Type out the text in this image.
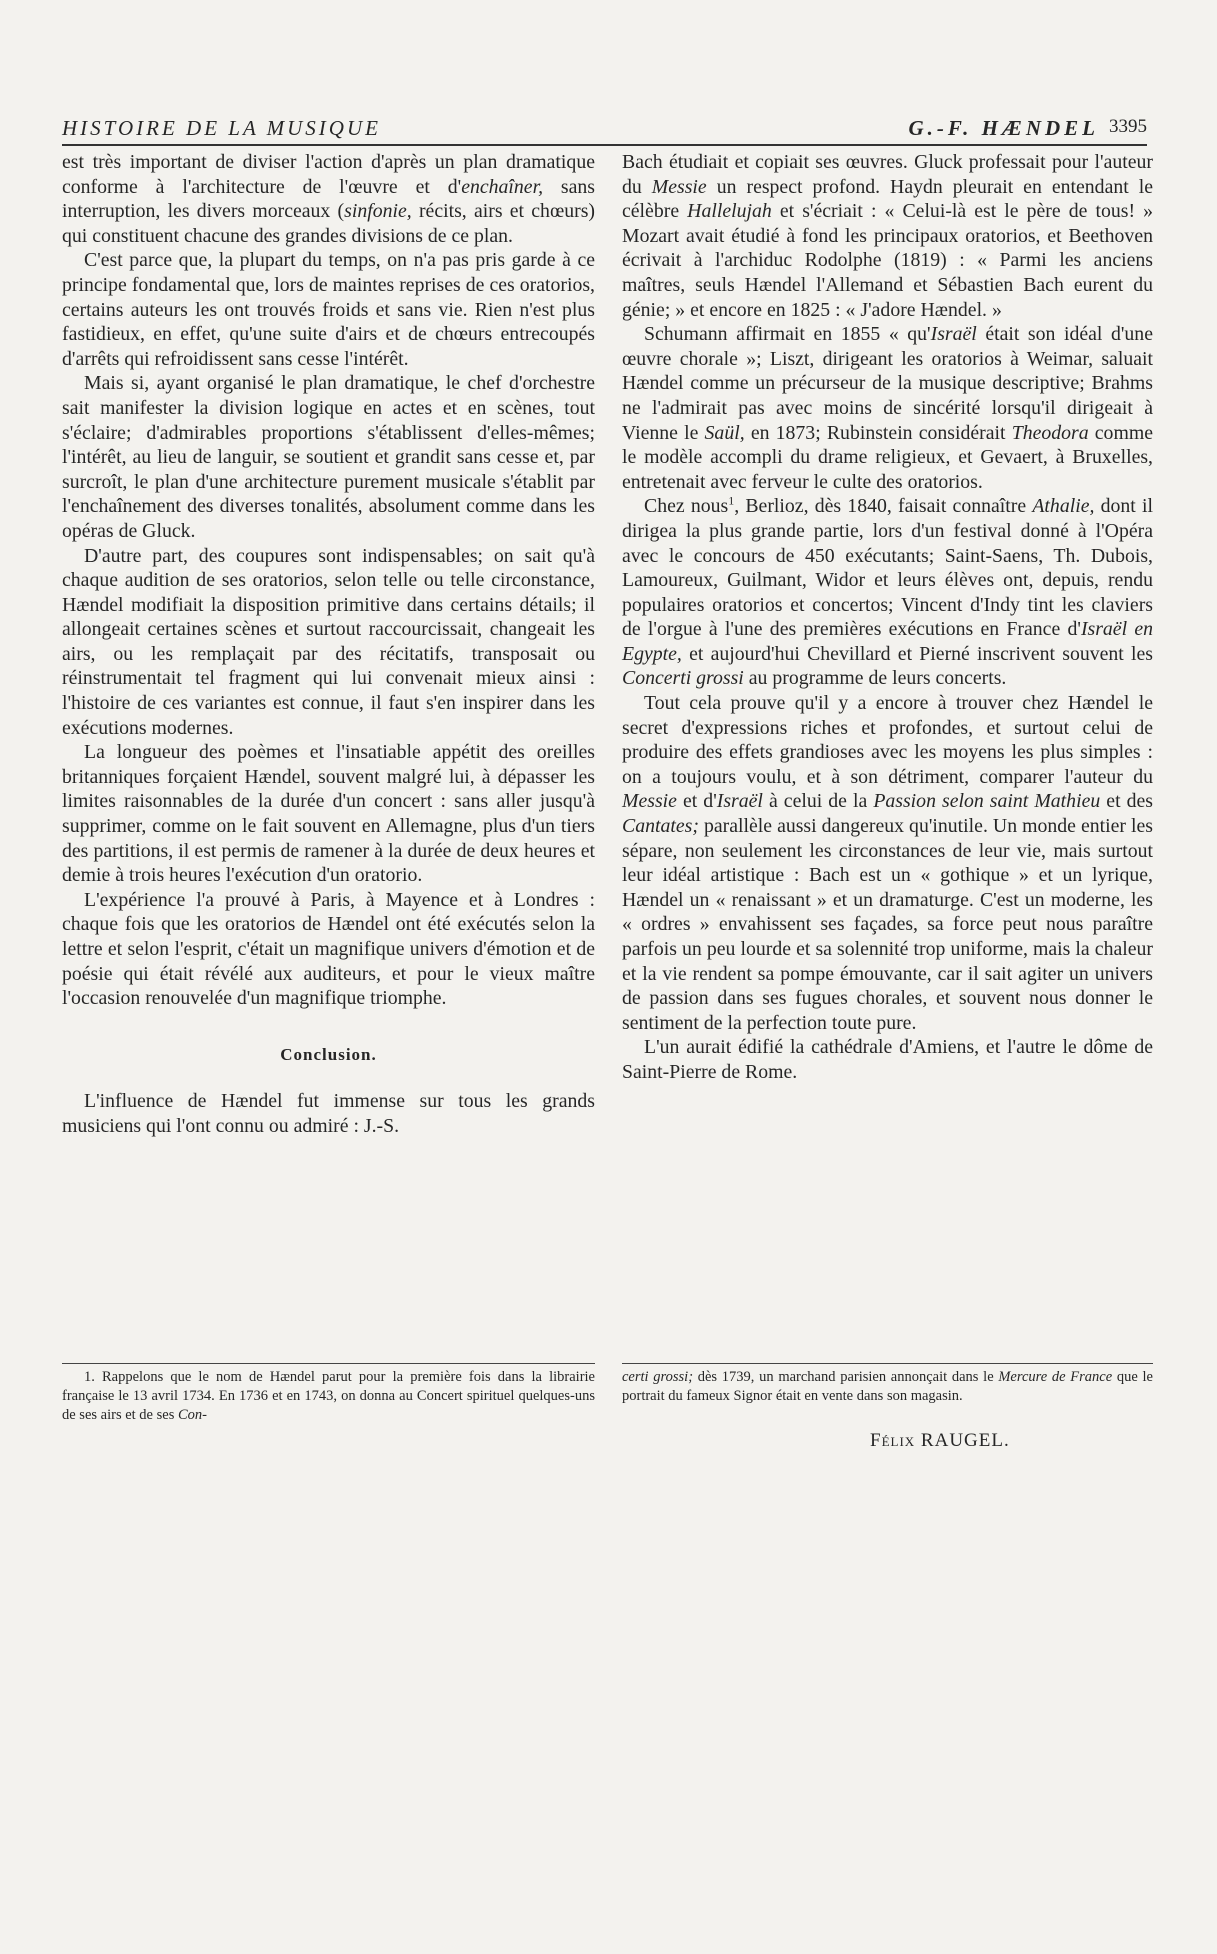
HISTOIRE DE LA MUSIQUE	G.-F. HÆNDEL 3395

est très important de diviser l'action d'après un plan dramatique conforme à l'architecture de l'œuvre et d'enchaîner, sans interruption, les divers morceaux (sinfonie, récits, airs et chœurs) qui constituent chacune des grandes divisions de ce plan.

C'est parce que, la plupart du temps, on n'a pas pris garde à ce principe fondamental que, lors de maintes reprises de ces oratorios, certains auteurs les ont trouvés froids et sans vie. Rien n'est plus fastidieux, en effet, qu'une suite d'airs et de chœurs entrecoupés d'arrêts qui refroidissent sans cesse l'intérêt.

Mais si, ayant organisé le plan dramatique, le chef d'orchestre sait manifester la division logique en actes et en scènes, tout s'éclaire; d'admirables proportions s'établissent d'elles-mêmes; l'intérêt, au lieu de languir, se soutient et grandit sans cesse et, par surcroît, le plan d'une architecture purement musicale s'établit par l'enchaînement des diverses tonalités, absolument comme dans les opéras de Gluck.

D'autre part, des coupures sont indispensables; on sait qu'à chaque audition de ses oratorios, selon telle ou telle circonstance, Hændel modifiait la disposition primitive dans certains détails; il allongeait certaines scènes et surtout raccourcissait, changeait les airs, ou les remplaçait par des récitatifs, transposait ou réinstrumentait tel fragment qui lui convenait mieux ainsi : l'histoire de ces variantes est connue, il faut s'en inspirer dans les exécutions modernes.

La longueur des poèmes et l'insatiable appétit des oreilles britanniques forçaient Hændel, souvent malgré lui, à dépasser les limites raisonnables de la durée d'un concert : sans aller jusqu'à supprimer, comme on le fait souvent en Allemagne, plus d'un tiers des partitions, il est permis de ramener à la durée de deux heures et demie à trois heures l'exécution d'un oratorio.

L'expérience l'a prouvé à Paris, à Mayence et à Londres : chaque fois que les oratorios de Hændel ont été exécutés selon la lettre et selon l'esprit, c'était un magnifique univers d'émotion et de poésie qui était révélé aux auditeurs, et pour le vieux maître l'occasion renouvelée d'un magnifique triomphe.

Conclusion.

L'influence de Hændel fut immense sur tous les grands musiciens qui l'ont connu ou admiré : J.-S.

Bach étudiait et copiait ses œuvres. Gluck professait pour l'auteur du Messie un respect profond. Haydn pleurait en entendant le célèbre Hallelujah et s'écriait : « Celui-là est le père de tous! » Mozart avait étudié à fond les principaux oratorios, et Beethoven écrivait à l'archiduc Rodolphe (1819) : « Parmi les anciens maîtres, seuls Hændel l'Allemand et Sébastien Bach eurent du génie; » et encore en 1825 : « J'adore Hændel. »

Schumann affirmait en 1855 « qu'Israël était son idéal d'une œuvre chorale »; Liszt, dirigeant les oratorios à Weimar, saluait Hændel comme un précurseur de la musique descriptive; Brahms ne l'admirait pas avec moins de sincérité lorsqu'il dirigeait à Vienne le Saül, en 1873; Rubinstein considérait Theodora comme le modèle accompli du drame religieux, et Gevaert, à Bruxelles, entretenait avec ferveur le culte des oratorios.

Chez nous$^1$, Berlioz, dès 1840, faisait connaître Athalie, dont il dirigea la plus grande partie, lors d'un festival donné à l'Opéra avec le concours de 450 exécutants; Saint-Saens, Th. Dubois, Lamoureux, Guilmant, Widor et leurs élèves ont, depuis, rendu populaires oratorios et concertos; Vincent d'Indy tint les claviers de l'orgue à l'une des premières exécutions en France d'Israël en Egypte, et aujourd'hui Chevillard et Pierné inscrivent souvent les Concerti grossi au programme de leurs concerts.

Tout cela prouve qu'il y a encore à trouver chez Hændel le secret d'expressions riches et profondes, et surtout celui de produire des effets grandioses avec les moyens les plus simples : on a toujours voulu, et à son détriment, comparer l'auteur du Messie et d'Israël à celui de la Passion selon saint Mathieu et des Cantates; parallèle aussi dangereux qu'inutile. Un monde entier les sépare, non seulement les circonstances de leur vie, mais surtout leur idéal artistique : Bach est un « gothique » et un lyrique, Hændel un « renaissant » et un dramaturge. C'est un moderne, les « ordres » envahissent ses façades, sa force peut nous paraître parfois un peu lourde et sa solennité trop uniforme, mais la chaleur et la vie rendent sa pompe émouvante, car il sait agiter un univers de passion dans ses fugues chorales, et souvent nous donner le sentiment de la perfection toute pure.

L'un aurait édifié la cathédrale d'Amiens, et l'autre le dôme de Saint-Pierre de Rome.

1. Rappelons que le nom de Hændel parut pour la première fois dans la librairie française le 13 avril 1734. En 1736 et en 1743, on donna au Concert spirituel quelques-uns de ses airs et de ses Con-

certi grossi; dès 1739, un marchand parisien annonçait dans le Mercure de France que le portrait du fameux Signor était en vente dans son magasin.

Félix RAUGEL.
